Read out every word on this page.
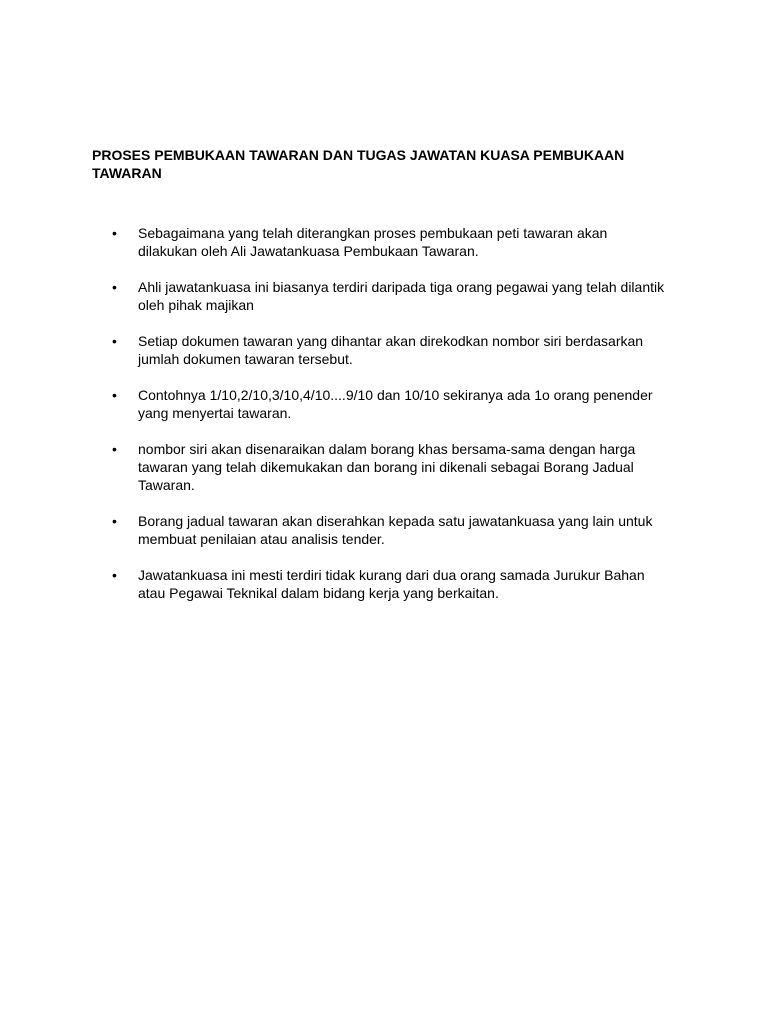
PROSES PEMBUKAAN TAWARAN DAN TUGAS JAWATAN KUASA PEMBUKAAN
TAWARAN
•	Sebagaimana yang telah diterangkan proses pembukaan peti tawaran akan
dilakukan oleh Ali Jawatankuasa Pembukaan Tawaran.
•	Ahli jawatankuasa ini biasanya terdiri daripada tiga orang pegawai yang telah dilantik
oleh pihak majikan
•	Setiap dokumen tawaran yang dihantar akan direkodkan nombor siri berdasarkan
jumlah dokumen tawaran tersebut.
•	Contohnya 1/10,2/10,3/10,4/10....9/10 dan 10/10 sekiranya ada 1o orang penender
yang menyertai tawaran.
•	nombor siri akan disenaraikan dalam borang khas bersama-sama dengan harga
tawaran yang telah dikemukakan dan borang ini dikenali sebagai Borang Jadual
Tawaran.
•	Borang jadual tawaran akan diserahkan kepada satu jawatankuasa yang lain untuk
membuat penilaian atau analisis tender.
•	Jawatankuasa ini mesti terdiri tidak kurang dari dua orang samada Jurukur Bahan
atau Pegawai Teknikal dalam bidang kerja yang berkaitan.
